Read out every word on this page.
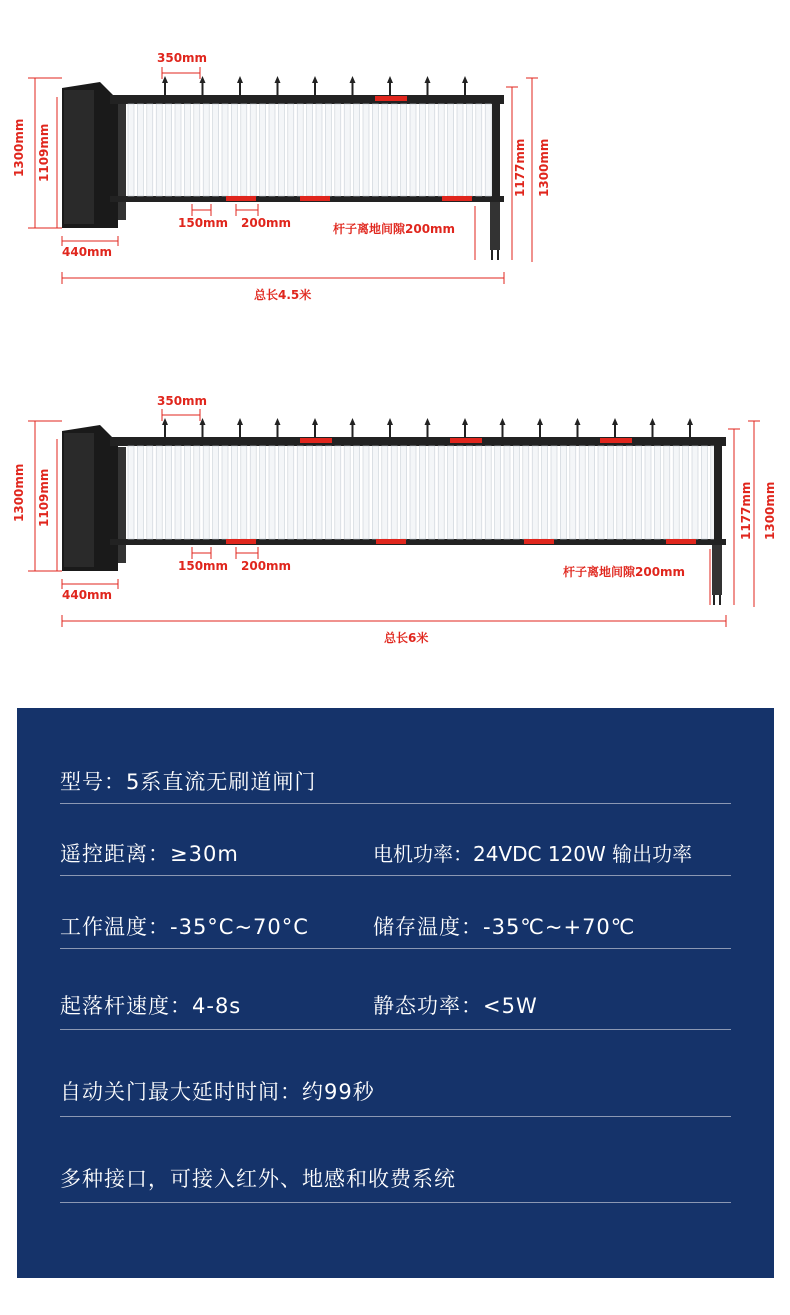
350mm
1300mm 1109mm
150mm 200mm
440mm
杆子离地间隙200mm
1177mm 1300mm
总长4.5米
350mm
1300mm 1109mm
150mm 200mm
440mm
杆子离地间隙200mm
1177mm 1300mm
总长6米
型号：5系直流无刷道闸门
遥控距离：≥30m	电机功率：24VDC 120W 输出功率
工作温度：-35°C~70°C	储存温度：-35℃~+70℃
起落杆速度：4-8s	静态功率：<5W
自动关门最大延时时间：约99秒
多种接口，可接入红外、地感和收费系统
